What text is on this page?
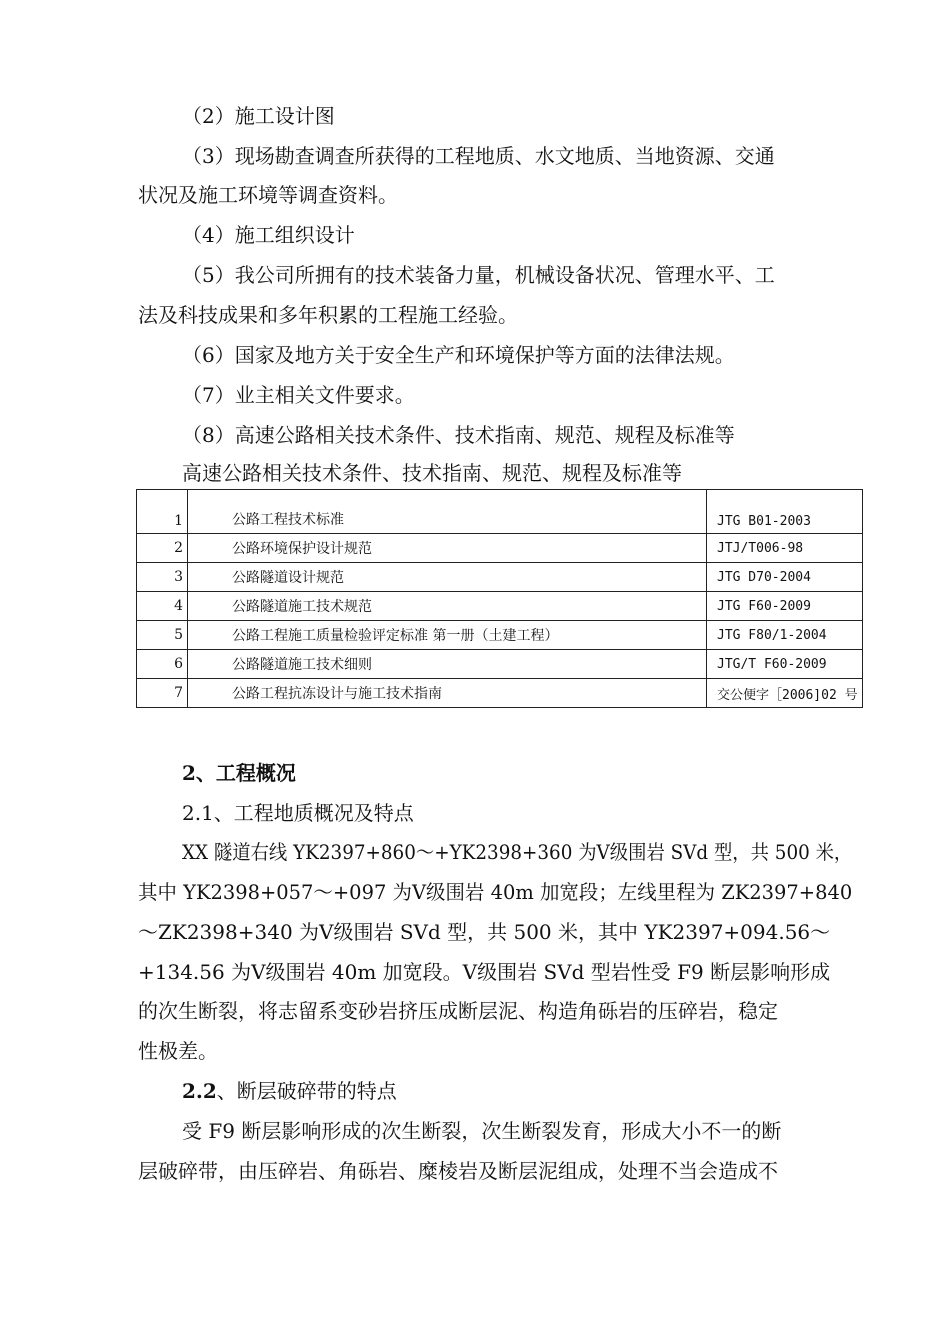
（2）施工设计图
（3）现场勘查调查所获得的工程地质、水文地质、当地资源、交通
状况及施工环境等调查资料。
（4）施工组织设计
（5）我公司所拥有的技术装备力量，机械设备状况、管理水平、工
法及科技成果和多年积累的工程施工经验。
（6）国家及地方关于安全生产和环境保护等方面的法律法规。
（7）业主相关文件要求。
（8）高速公路相关技术条件、技术指南、规范、规程及标准等
高速公路相关技术条件、技术指南、规范、规程及标准等
1	公路工程技术标准	JTG B01-2003
2	公路环境保护设计规范	JTJ/T006-98
3	公路隧道设计规范	JTG D70-2004
4	公路隧道施工技术规范	JTG F60-2009
5	公路工程施工质量检验评定标准 第一册（土建工程）	JTG F80/1-2004
6	公路隧道施工技术细则	JTG/T F60-2009
7	公路工程抗冻设计与施工技术指南	交公便字［2006]02 号
2、工程概况
2.1、工程地质概况及特点
XX 隧道右线 YK2397+860～+YK2398+360 为Ⅴ级围岩 SVd 型，共 500 米，
其中 YK2398+057～+097 为Ⅴ级围岩 40m 加宽段；左线里程为 ZK2397+840
～ZK2398+340 为Ⅴ级围岩 SVd 型，共 500 米，其中 YK2397+094.56～
+134.56 为Ⅴ级围岩 40m 加宽段。Ⅴ级围岩 SVd 型岩性受 F9 断层影响形成
的次生断裂，将志留系变砂岩挤压成断层泥、构造角砾岩的压碎岩，稳定
性极差。
2.2、断层破碎带的特点
受 F9 断层影响形成的次生断裂，次生断裂发育，形成大小不一的断
层破碎带，由压碎岩、角砾岩、糜棱岩及断层泥组成，处理不当会造成不
